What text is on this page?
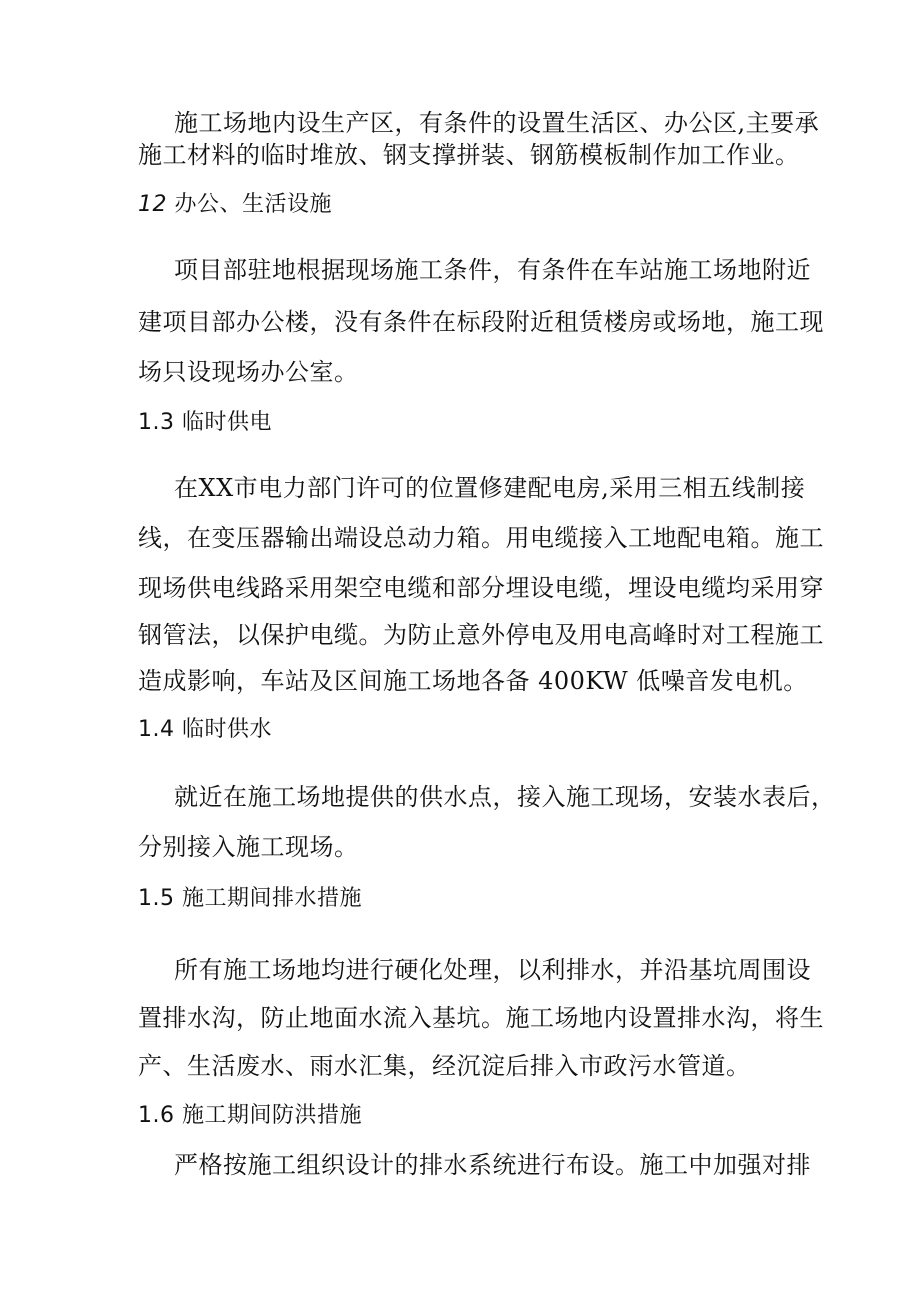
施工场地内设生产区，有条件的设置生活区、办公区,主要承

施工材料的临时堆放、钢支撑拼装、钢筋模板制作加工作业。

12 办公、生活设施

项目部驻地根据现场施工条件，有条件在车站施工场地附近

建项目部办公楼，没有条件在标段附近租赁楼房或场地，施工现

场只设现场办公室。

1.3 临时供电

在XX市电力部门许可的位置修建配电房,采用三相五线制接

线，在变压器输出端设总动力箱。用电缆接入工地配电箱。施工

现场供电线路采用架空电缆和部分埋设电缆，埋设电缆均采用穿

钢管法，以保护电缆。为防止意外停电及用电高峰时对工程施工

造成影响，车站及区间施工场地各备 400KW 低噪音发电机。

1.4 临时供水

就近在施工场地提供的供水点，接入施工现场，安装水表后，

分别接入施工现场。

1.5 施工期间排水措施

所有施工场地均进行硬化处理，以利排水，并沿基坑周围设

置排水沟，防止地面水流入基坑。施工场地内设置排水沟，将生

产、生活废水、雨水汇集，经沉淀后排入市政污水管道。

1.6 施工期间防洪措施

严格按施工组织设计的排水系统进行布设。施工中加强对排
